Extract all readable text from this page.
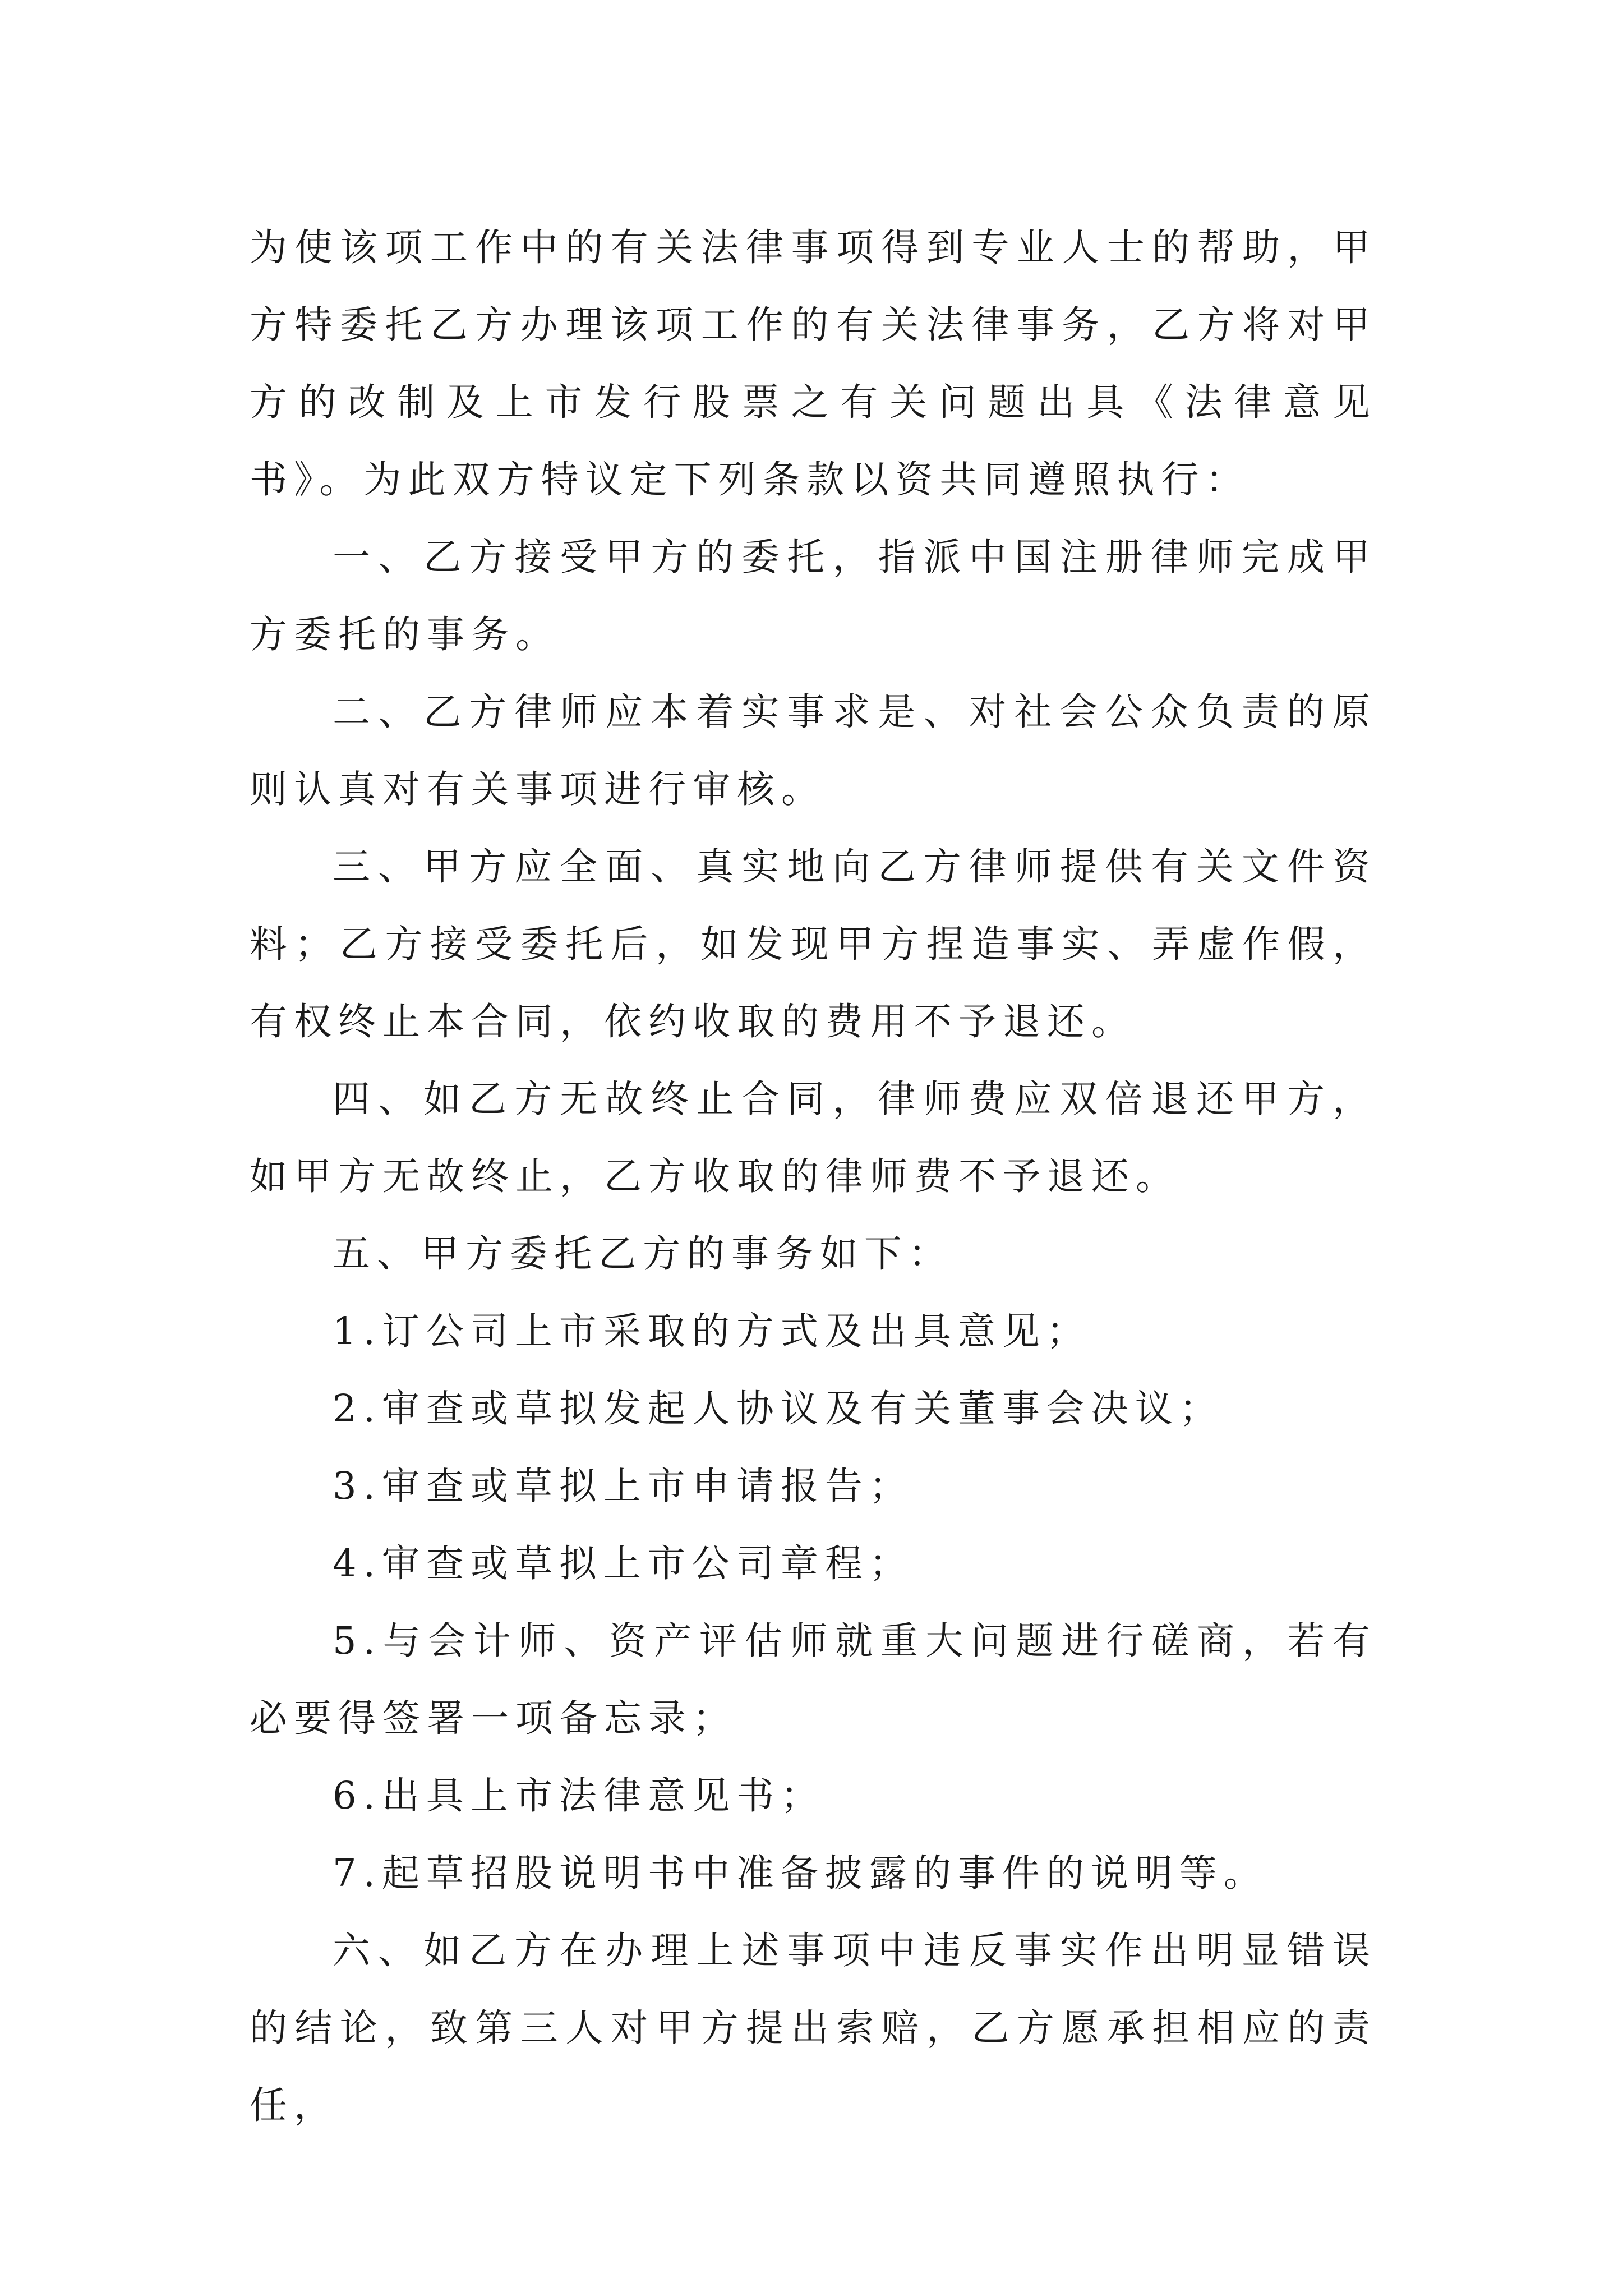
为使该项工作中的有关法律事项得到专业人士的帮助，甲方特委托乙方办理该项工作的有关法律事务，乙方将对甲方的改制及上市发行股票之有关问题出具《法律意见书》。为此双方特议定下列条款以资共同遵照执行：

一、乙方接受甲方的委托，指派中国注册律师完成甲方委托的事务。

二、乙方律师应本着实事求是、对社会公众负责的原则认真对有关事项进行审核。

三、甲方应全面、真实地向乙方律师提供有关文件资料；乙方接受委托后，如发现甲方捏造事实、弄虚作假，有权终止本合同，依约收取的费用不予退还。

四、如乙方无故终止合同，律师费应双倍退还甲方，如甲方无故终止，乙方收取的律师费不予退还。

五、甲方委托乙方的事务如下：

1.订公司上市采取的方式及出具意见；

2.审查或草拟发起人协议及有关董事会决议；

3.审查或草拟上市申请报告；

4.审查或草拟上市公司章程；

5.与会计师、资产评估师就重大问题进行磋商，若有必要得签署一项备忘录；

6.出具上市法律意见书；

7.起草招股说明书中准备披露的事件的说明等。

六、如乙方在办理上述事项中违反事实作出明显错误的结论，致第三人对甲方提出索赔，乙方愿承担相应的责任，
